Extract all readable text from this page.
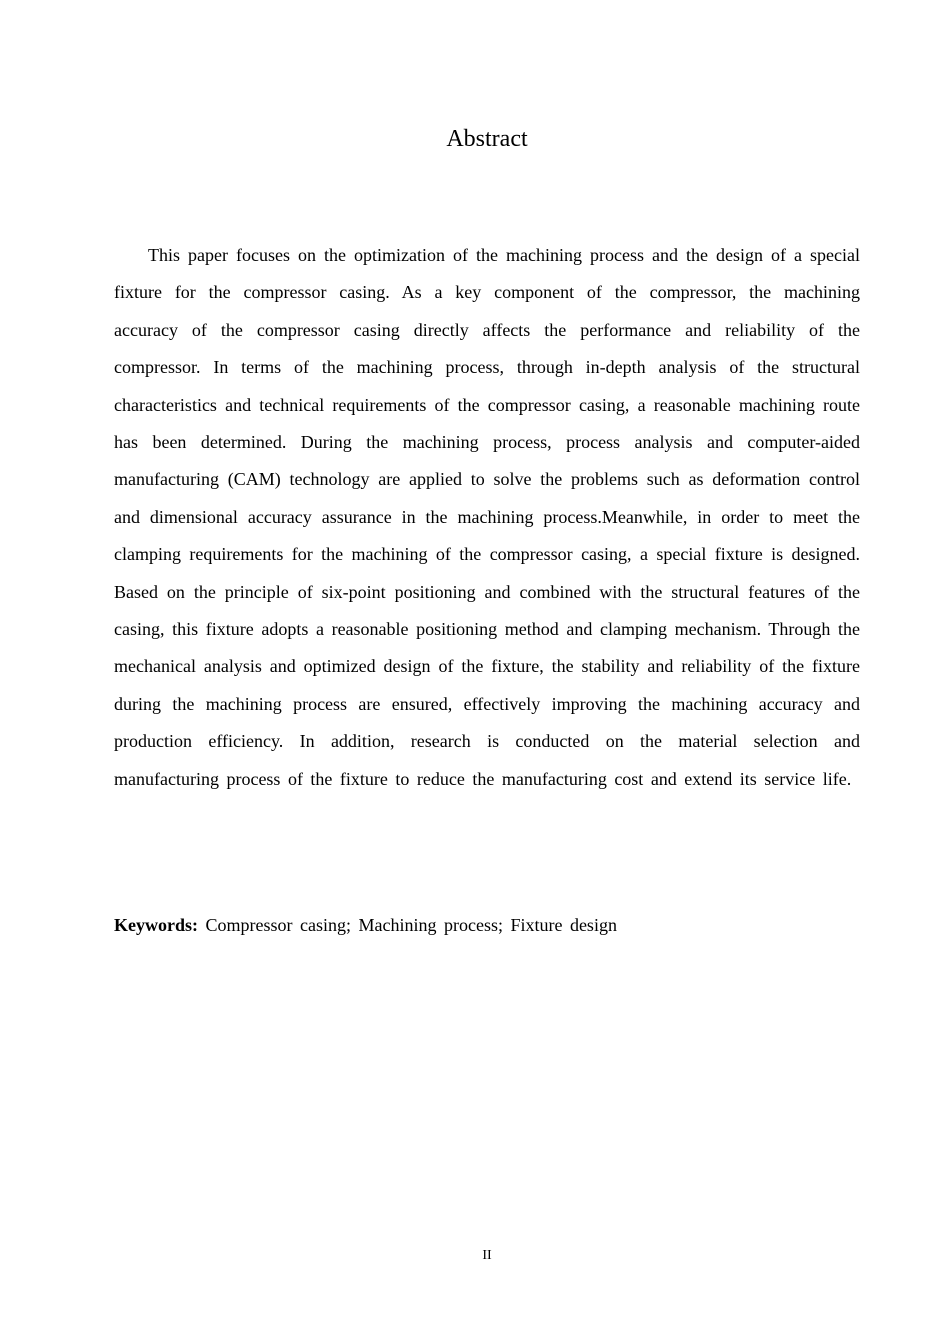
Abstract

This paper focuses on the optimization of the machining process and the design of a special fixture for the compressor casing. As a key component of the compressor, the machining accuracy of the compressor casing directly affects the performance and reliability of the compressor. In terms of the machining process, through in-depth analysis of the structural characteristics and technical requirements of the compressor casing, a reasonable machining route has been determined. During the machining process, process analysis and computer-aided manufacturing (CAM) technology are applied to solve the problems such as deformation control and dimensional accuracy assurance in the machining process.Meanwhile, in order to meet the clamping requirements for the machining of the compressor casing, a special fixture is designed. Based on the principle of six-point positioning and combined with the structural features of the casing, this fixture adopts a reasonable positioning method and clamping mechanism. Through the mechanical analysis and optimized design of the fixture, the stability and reliability of the fixture during the machining process are ensured, effectively improving the machining accuracy and production efficiency. In addition, research is conducted on the material selection and manufacturing process of the fixture to reduce the manufacturing cost and extend its service life.

Keywords: Compressor casing; Machining process; Fixture design

II
